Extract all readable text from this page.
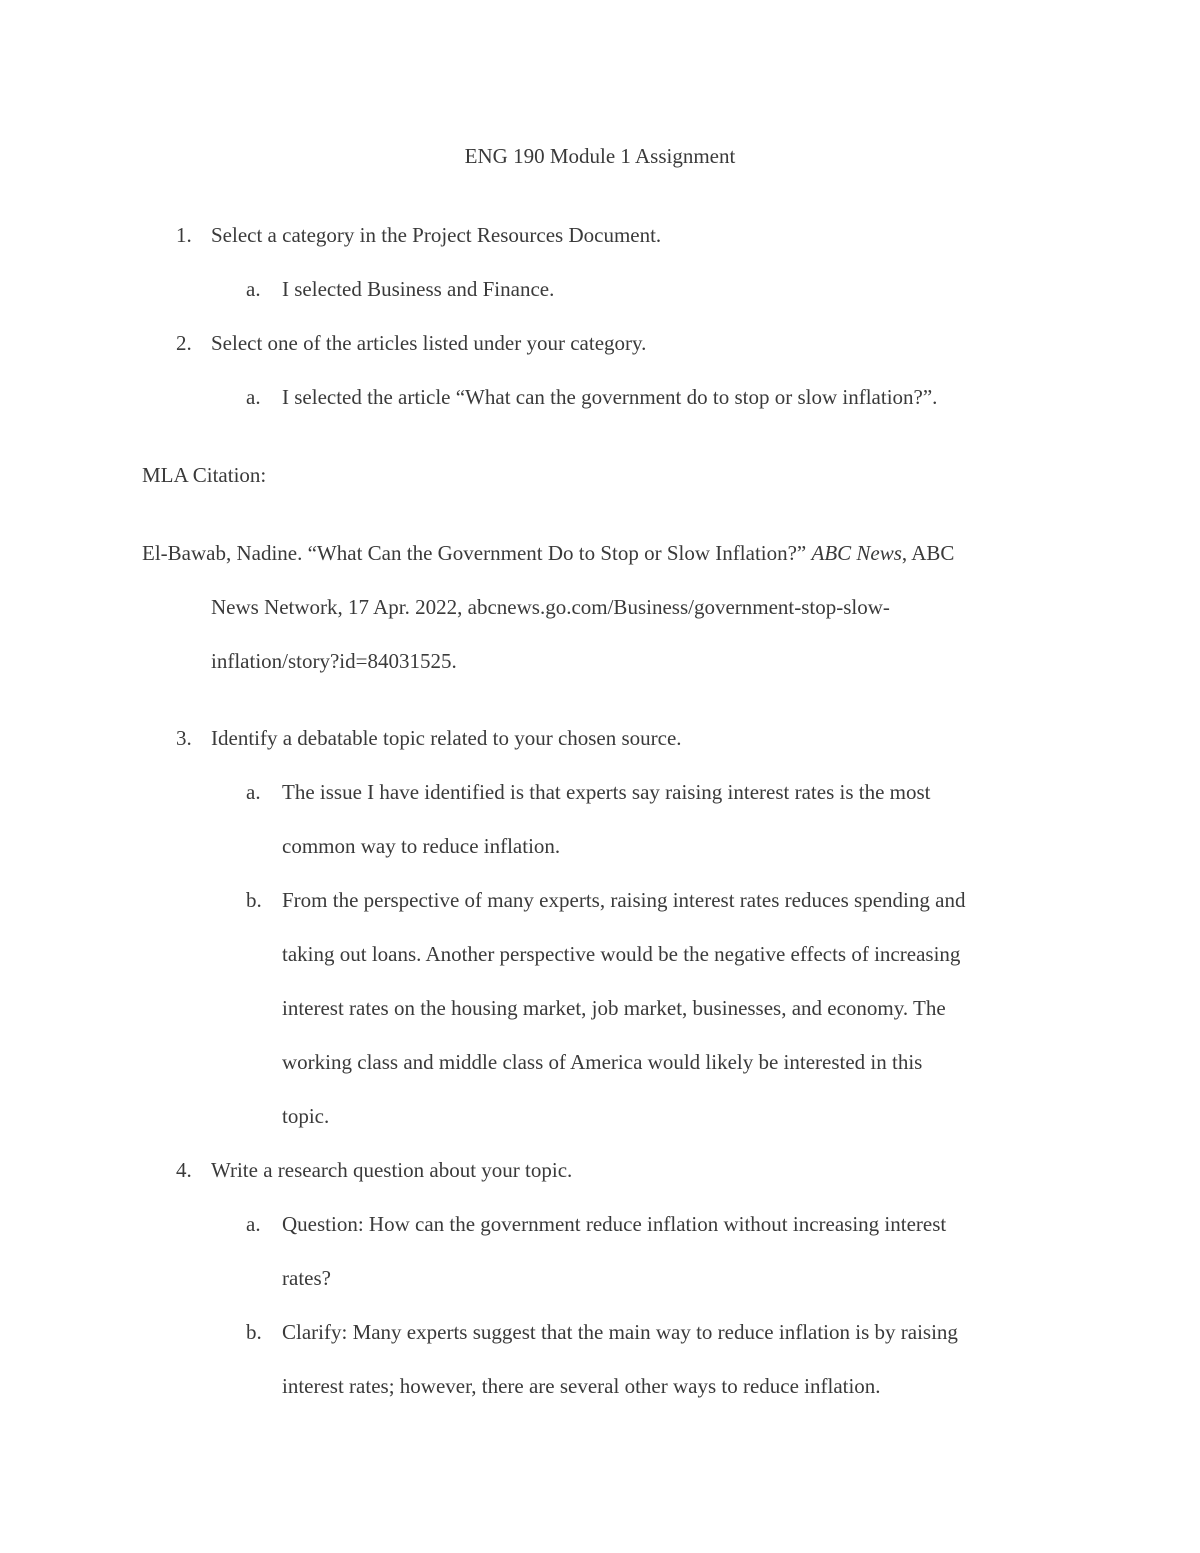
ENG 190 Module 1 Assignment
1. Select a category in the Project Resources Document.
a. I selected Business and Finance.
2. Select one of the articles listed under your category.
a. I selected the article “What can the government do to stop or slow inflation?”.
MLA Citation:
El-Bawab, Nadine. “What Can the Government Do to Stop or Slow Inflation?” ABC News, ABC
News Network, 17 Apr. 2022, abcnews.go.com/Business/government-stop-slow-
inflation/story?id=84031525.
3. Identify a debatable topic related to your chosen source.
a. The issue I have identified is that experts say raising interest rates is the most
common way to reduce inflation.
b. From the perspective of many experts, raising interest rates reduces spending and
taking out loans. Another perspective would be the negative effects of increasing
interest rates on the housing market, job market, businesses, and economy. The
working class and middle class of America would likely be interested in this
topic.
4. Write a research question about your topic.
a. Question: How can the government reduce inflation without increasing interest
rates?
b. Clarify: Many experts suggest that the main way to reduce inflation is by raising
interest rates; however, there are several other ways to reduce inflation.
